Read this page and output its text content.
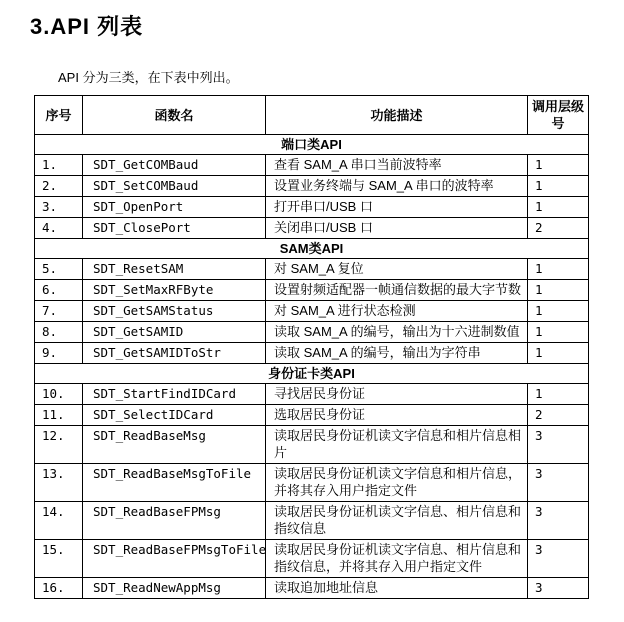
3.API 列表

API 分为三类，在下表中列出。

序号	函数名	功能描述	调用层级号
端口类API			
1.	SDT_GetCOMBaud	查看 SAM_A 串口当前波特率	1
2.	SDT_SetCOMBaud	设置业务终端与 SAM_A 串口的波特率	1
3.	SDT_OpenPort	打开串口/USB 口	1
4.	SDT_ClosePort	关闭串口/USB 口	2
SAM类API			
5.	SDT_ResetSAM	对 SAM_A 复位	1
6.	SDT_SetMaxRFByte	设置射频适配器一帧通信数据的最大字节数	1
7.	SDT_GetSAMStatus	对 SAM_A 进行状态检测	1
8.	SDT_GetSAMID	读取 SAM_A 的编号，输出为十六进制数值	1
9.	SDT_GetSAMIDToStr	读取 SAM_A 的编号，输出为字符串	1
身份证卡类API			
10.	SDT_StartFindIDCard	寻找居民身份证	1
11.	SDT_SelectIDCard	选取居民身份证	2
12.	SDT_ReadBaseMsg	读取居民身份证机读文字信息和相片信息相片	3
13.	SDT_ReadBaseMsgToFile	读取居民身份证机读文字信息和相片信息，并将其存入用户指定文件	3
14.	SDT_ReadBaseFPMsg	读取居民身份证机读文字信息、相片信息和指纹信息	3
15.	SDT_ReadBaseFPMsgToFile	读取居民身份证机读文字信息、相片信息和指纹信息，并将其存入用户指定文件	3
16.	SDT_ReadNewAppMsg	读取追加地址信息	3
